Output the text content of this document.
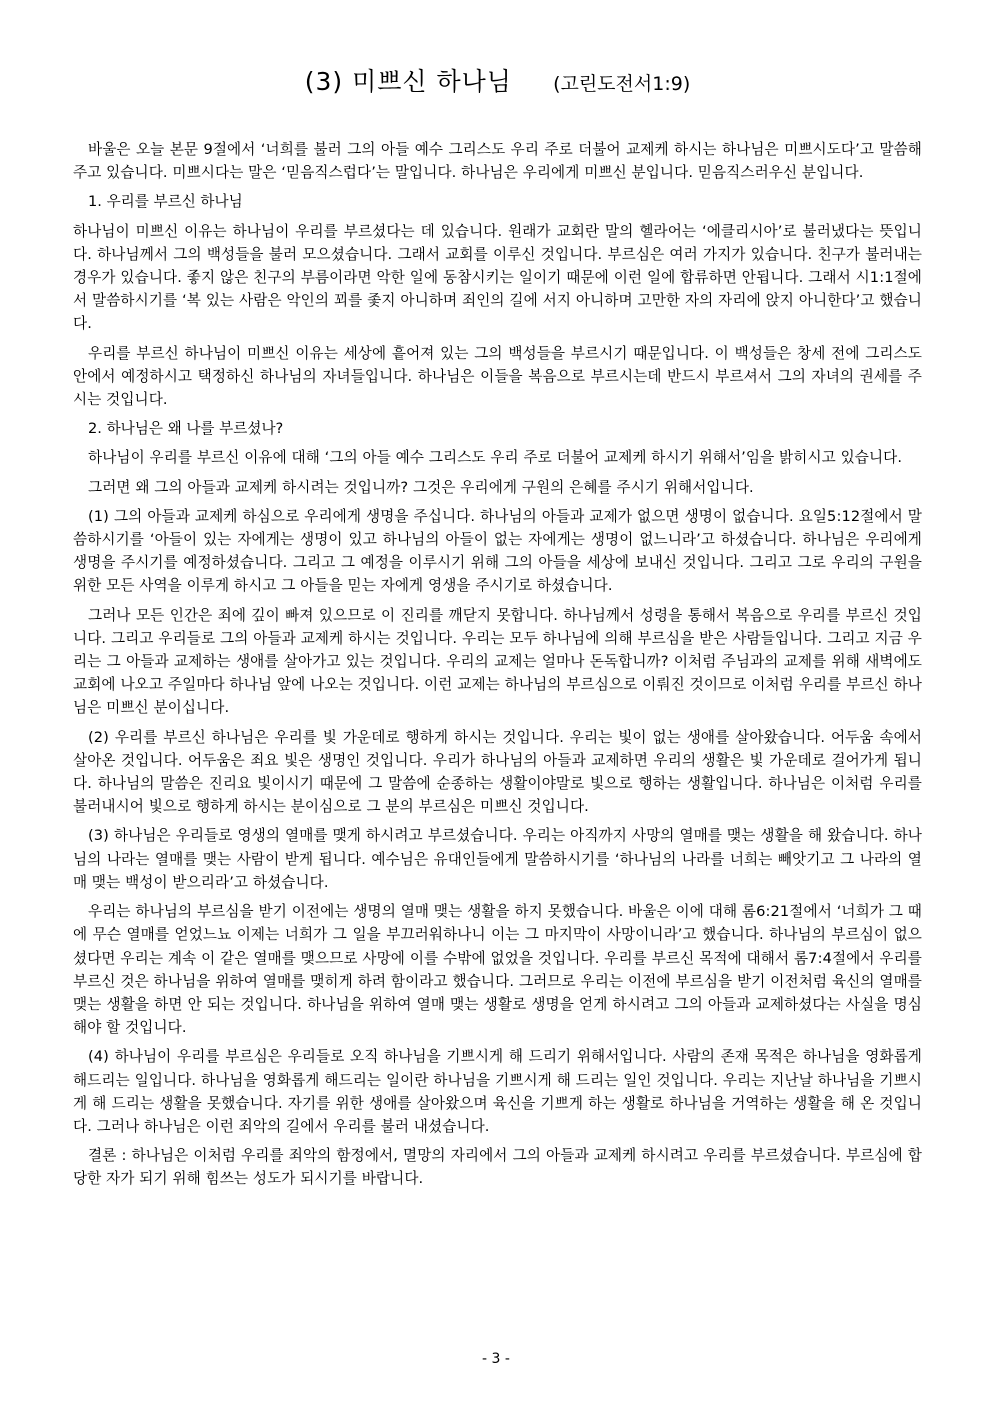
(3) 미쁘신 하나님 (고린도전서1:9)

바울은 오늘 본문 9절에서 ‘너희를 불러 그의 아들 예수 그리스도 우리 주로 더불어 교제케 하시는 하나님은 미쁘시도다’고 말씀해 주고 있습니다. 미쁘시다는 말은 ‘믿음직스럽다’는 말입니다. 하나님은 우리에게 미쁘신 분입니다. 믿음직스러우신 분입니다.

1. 우리를 부르신 하나님

하나님이 미쁘신 이유는 하나님이 우리를 부르셨다는 데 있습니다. 원래가 교회란 말의 헬라어는 ‘에클리시아’로 불러냈다는 뜻입니다. 하나님께서 그의 백성들을 불러 모으셨습니다. 그래서 교회를 이루신 것입니다. 부르심은 여러 가지가 있습니다. 친구가 불러내는 경우가 있습니다. 좋지 않은 친구의 부름이라면 악한 일에 동참시키는 일이기 때문에 이런 일에 합류하면 안됩니다. 그래서 시1:1절에서 말씀하시기를 ‘복 있는 사람은 악인의 꾀를 좇지 아니하며 죄인의 길에 서지 아니하며 고만한 자의 자리에 앉지 아니한다’고 했습니다.

우리를 부르신 하나님이 미쁘신 이유는 세상에 흩어져 있는 그의 백성들을 부르시기 때문입니다. 이 백성들은 창세 전에 그리스도 안에서 예정하시고 택정하신 하나님의 자녀들입니다. 하나님은 이들을 복음으로 부르시는데 반드시 부르셔서 그의 자녀의 권세를 주시는 것입니다.

2. 하나님은 왜 나를 부르셨나?

하나님이 우리를 부르신 이유에 대해 ‘그의 아들 예수 그리스도 우리 주로 더불어 교제케 하시기 위해서’임을 밝히시고 있습니다.

그러면 왜 그의 아들과 교제케 하시려는 것입니까? 그것은 우리에게 구원의 은혜를 주시기 위해서입니다.

(1) 그의 아들과 교제케 하심으로 우리에게 생명을 주십니다. 하나님의 아들과 교제가 없으면 생명이 없습니다. 요일5:12절에서 말씀하시기를 ‘아들이 있는 자에게는 생명이 있고 하나님의 아들이 없는 자에게는 생명이 없느니라’고 하셨습니다. 하나님은 우리에게 생명을 주시기를 예정하셨습니다. 그리고 그 예정을 이루시기 위해 그의 아들을 세상에 보내신 것입니다. 그리고 그로 우리의 구원을 위한 모든 사역을 이루게 하시고 그 아들을 믿는 자에게 영생을 주시기로 하셨습니다.

그러나 모든 인간은 죄에 깊이 빠져 있으므로 이 진리를 깨닫지 못합니다. 하나님께서 성령을 통해서 복음으로 우리를 부르신 것입니다. 그리고 우리들로 그의 아들과 교제케 하시는 것입니다. 우리는 모두 하나님에 의해 부르심을 받은 사람들입니다. 그리고 지금 우리는 그 아들과 교제하는 생애를 살아가고 있는 것입니다. 우리의 교제는 얼마나 돈독합니까? 이처럼 주님과의 교제를 위해 새벽에도 교회에 나오고 주일마다 하나님 앞에 나오는 것입니다. 이런 교제는 하나님의 부르심으로 이뤄진 것이므로 이처럼 우리를 부르신 하나님은 미쁘신 분이십니다.

(2) 우리를 부르신 하나님은 우리를 빛 가운데로 행하게 하시는 것입니다. 우리는 빛이 없는 생애를 살아왔습니다. 어두움 속에서 살아온 것입니다. 어두움은 죄요 빛은 생명인 것입니다. 우리가 하나님의 아들과 교제하면 우리의 생활은 빛 가운데로 걸어가게 됩니다. 하나님의 말씀은 진리요 빛이시기 때문에 그 말씀에 순종하는 생활이야말로 빛으로 행하는 생활입니다. 하나님은 이처럼 우리를 불러내시어 빛으로 행하게 하시는 분이심으로 그 분의 부르심은 미쁘신 것입니다.

(3) 하나님은 우리들로 영생의 열매를 맺게 하시려고 부르셨습니다. 우리는 아직까지 사망의 열매를 맺는 생활을 해 왔습니다. 하나님의 나라는 열매를 맺는 사람이 받게 됩니다. 예수님은 유대인들에게 말씀하시기를 ‘하나님의 나라를 너희는 빼앗기고 그 나라의 열매 맺는 백성이 받으리라’고 하셨습니다.

우리는 하나님의 부르심을 받기 이전에는 생명의 열매 맺는 생활을 하지 못했습니다. 바울은 이에 대해 롬6:21절에서 ‘너희가 그 때에 무슨 열매를 얻었느뇨 이제는 너희가 그 일을 부끄러워하나니 이는 그 마지막이 사망이니라’고 했습니다. 하나님의 부르심이 없으셨다면 우리는 계속 이 같은 열매를 맺으므로 사망에 이를 수밖에 없었을 것입니다. 우리를 부르신 목적에 대해서 롬7:4절에서 우리를 부르신 것은 하나님을 위하여 열매를 맺히게 하려 함이라고 했습니다. 그러므로 우리는 이전에 부르심을 받기 이전처럼 육신의 열매를 맺는 생활을 하면 안 되는 것입니다. 하나님을 위하여 열매 맺는 생활로 생명을 얻게 하시려고 그의 아들과 교제하셨다는 사실을 명심해야 할 것입니다.

(4) 하나님이 우리를 부르심은 우리들로 오직 하나님을 기쁘시게 해 드리기 위해서입니다. 사람의 존재 목적은 하나님을 영화롭게 해드리는 일입니다. 하나님을 영화롭게 해드리는 일이란 하나님을 기쁘시게 해 드리는 일인 것입니다. 우리는 지난날 하나님을 기쁘시게 해 드리는 생활을 못했습니다. 자기를 위한 생애를 살아왔으며 육신을 기쁘게 하는 생활로 하나님을 거역하는 생활을 해 온 것입니다. 그러나 하나님은 이런 죄악의 길에서 우리를 불러 내셨습니다.

결론 : 하나님은 이처럼 우리를 죄악의 함정에서, 멸망의 자리에서 그의 아들과 교제케 하시려고 우리를 부르셨습니다. 부르심에 합당한 자가 되기 위해 힘쓰는 성도가 되시기를 바랍니다.

- 3 -
